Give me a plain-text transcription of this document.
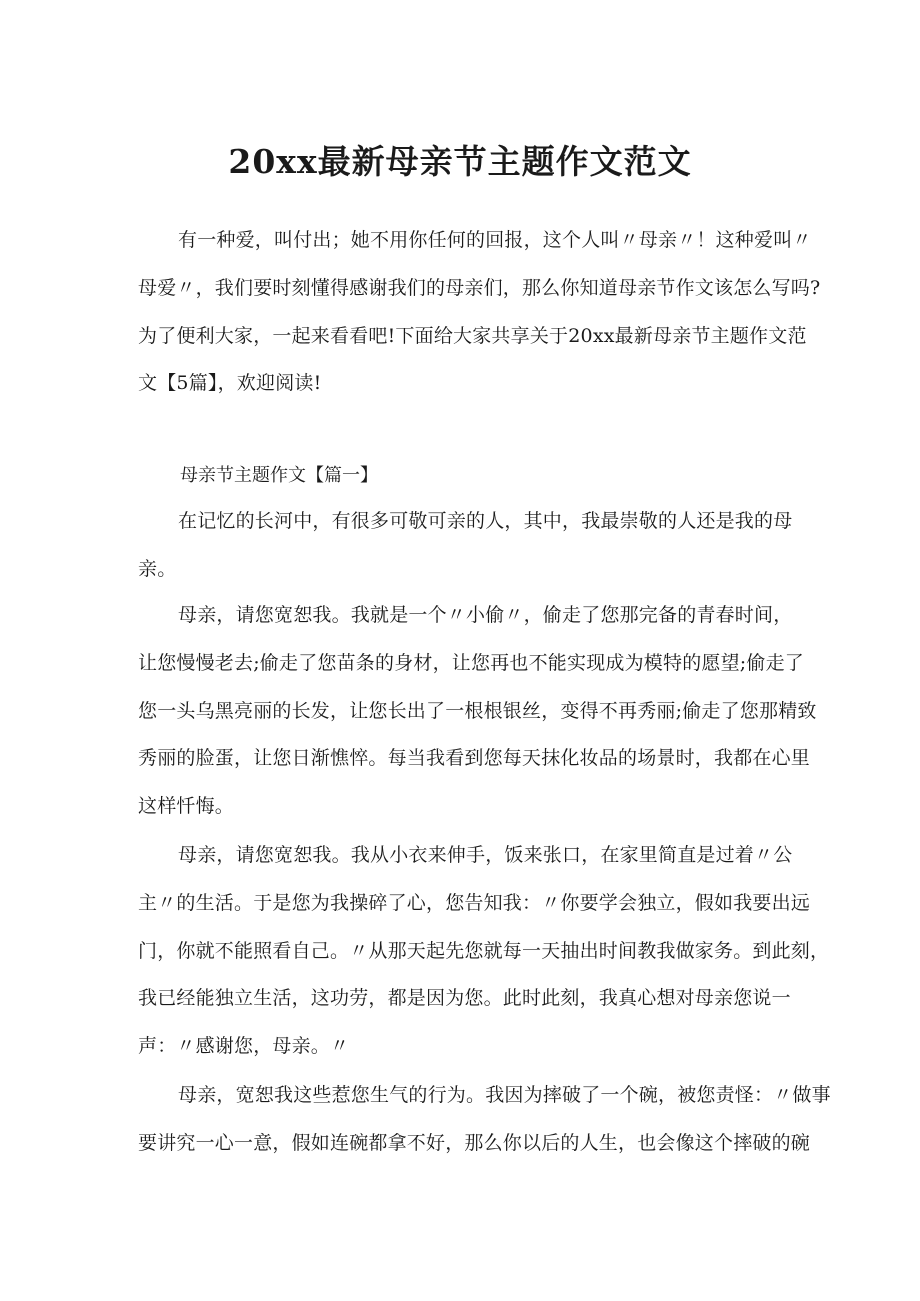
20xx最新母亲节主题作文范文

有一种爱，叫付出；她不用你任何的回报，这个人叫〃母亲〃！这种爱叫〃
母爱〃，我们要时刻懂得感谢我们的母亲们，那么你知道母亲节作文该怎么写吗?
为了便利大家，一起来看看吧!下面给大家共享关于20xx最新母亲节主题作文范
文【5篇】，欢迎阅读!

母亲节主题作文【篇一】

在记忆的长河中，有很多可敬可亲的人，其中，我最崇敬的人还是我的母
亲。

母亲，请您宽恕我。我就是一个〃小偷〃，偷走了您那完备的青春时间，
让您慢慢老去;偷走了您苗条的身材，让您再也不能实现成为模特的愿望;偷走了
您一头乌黑亮丽的长发，让您长出了一根根银丝，变得不再秀丽;偷走了您那精致
秀丽的脸蛋，让您日渐憔悴。每当我看到您每天抹化妆品的场景时，我都在心里
这样忏悔。

母亲，请您宽恕我。我从小衣来伸手，饭来张口，在家里简直是过着〃公
主〃的生活。于是您为我操碎了心，您告知我：〃你要学会独立，假如我要出远
门，你就不能照看自己。〃从那天起先您就每一天抽出时间教我做家务。到此刻，
我已经能独立生活，这功劳，都是因为您。此时此刻，我真心想对母亲您说一
声：〃感谢您，母亲。〃

母亲，宽恕我这些惹您生气的行为。我因为摔破了一个碗，被您责怪：〃做事
要讲究一心一意，假如连碗都拿不好，那么你以后的人生，也会像这个摔破的碗
